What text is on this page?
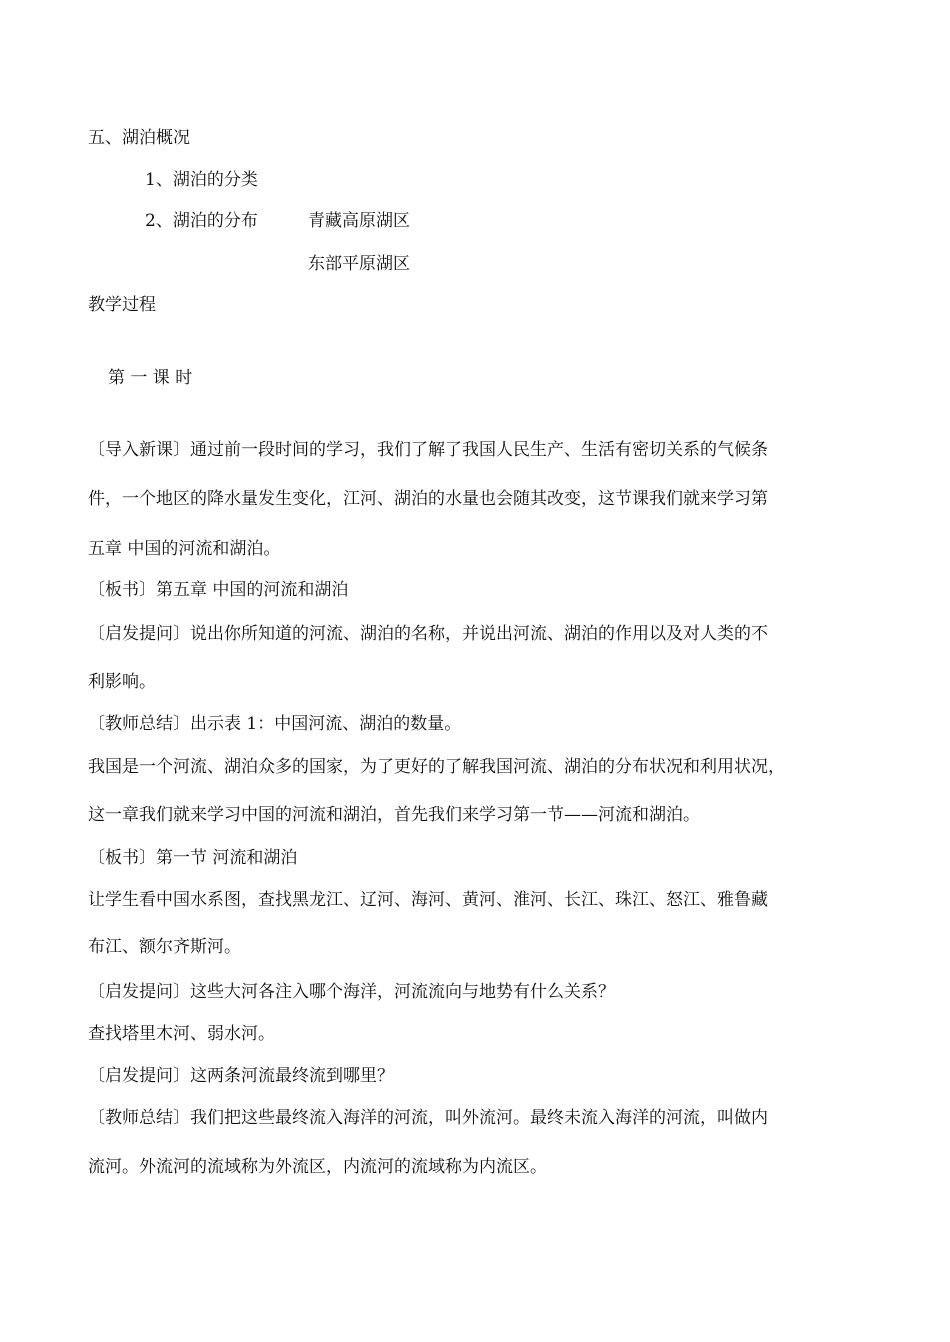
五、湖泊概况
1、湖泊的分类
2、湖泊的分布	青藏高原湖区
东部平原湖区
教学过程
第 一 课 时
〔导入新课〕通过前一段时间的学习，我们了解了我国人民生产、生活有密切关系的气候条
件，一个地区的降水量发生变化，江河、湖泊的水量也会随其改变，这节课我们就来学习第
五章 中国的河流和湖泊。
〔板书〕第五章 中国的河流和湖泊
〔启发提问〕说出你所知道的河流、湖泊的名称，并说出河流、湖泊的作用以及对人类的不
利影响。
〔教师总结〕出示表 1：中国河流、湖泊的数量。
我国是一个河流、湖泊众多的国家，为了更好的了解我国河流、湖泊的分布状况和利用状况，
这一章我们就来学习中国的河流和湖泊，首先我们来学习第一节——河流和湖泊。
〔板书〕第一节 河流和湖泊
让学生看中国水系图，查找黑龙江、辽河、海河、黄河、淮河、长江、珠江、怒江、雅鲁藏
布江、额尔齐斯河。
〔启发提问〕这些大河各注入哪个海洋，河流流向与地势有什么关系？
查找塔里木河、弱水河。
〔启发提问〕这两条河流最终流到哪里？
〔教师总结〕我们把这些最终流入海洋的河流，叫外流河。最终未流入海洋的河流，叫做内
流河。外流河的流域称为外流区，内流河的流域称为内流区。
